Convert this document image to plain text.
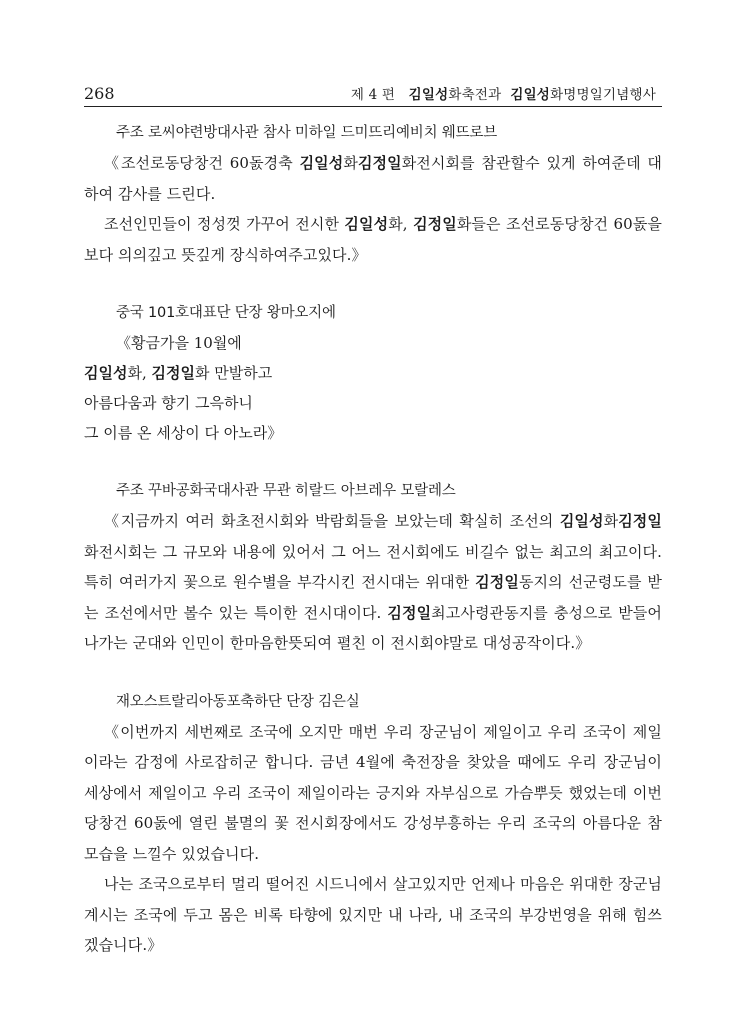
268	제 4 편 김일성화축전과 김일성화명명일기념행사

주조 로씨야련방대사관 참사 미하일 드미뜨리예비치 웨뜨로브

《조선로동당창건 60돐경축 김일성화김정일화전시회를 참관할수 있게 하여준데 대하여 감사를 드린다.

조선인민들이 정성껏 가꾸어 전시한 김일성화, 김정일화들은 조선로동당창건 60돐을 보다 의의깊고 뜻깊게 장식하여주고있다.》

중국 101호대표단 단장 왕마오지에

《황금가을 10월에

김일성화, 김정일화 만발하고

아름다움과 향기 그윽하니

그 이름 온 세상이 다 아노라》

주조 꾸바공화국대사관 무관 히랄드 아브레우 모랄레스

《지금까지 여러 화초전시회와 박람회들을 보았는데 확실히 조선의 김일성화김정일화전시회는 그 규모와 내용에 있어서 그 어느 전시회에도 비길수 없는 최고의 최고이다. 특히 여러가지 꽃으로 원수별을 부각시킨 전시대는 위대한 김정일동지의 선군령도를 받는 조선에서만 볼수 있는 특이한 전시대이다. 김정일최고사령관동지를 충성으로 받들어나가는 군대와 인민이 한마음한뜻되여 펼친 이 전시회야말로 대성공작이다.》

재오스트랄리아동포축하단 단장 김은실

《이번까지 세번째로 조국에 오지만 매번 우리 장군님이 제일이고 우리 조국이 제일이라는 감정에 사로잡히군 합니다. 금년 4월에 축전장을 찾았을 때에도 우리 장군님이 세상에서 제일이고 우리 조국이 제일이라는 긍지와 자부심으로 가슴뿌듯 했었는데 이번 당창건 60돐에 열린 불멸의 꽃 전시회장에서도 강성부흥하는 우리 조국의 아름다운 참모습을 느낄수 있었습니다.

나는 조국으로부터 멀리 떨어진 시드니에서 살고있지만 언제나 마음은 위대한 장군님 계시는 조국에 두고 몸은 비록 타향에 있지만 내 나라, 내 조국의 부강번영을 위해 힘쓰겠습니다.》
